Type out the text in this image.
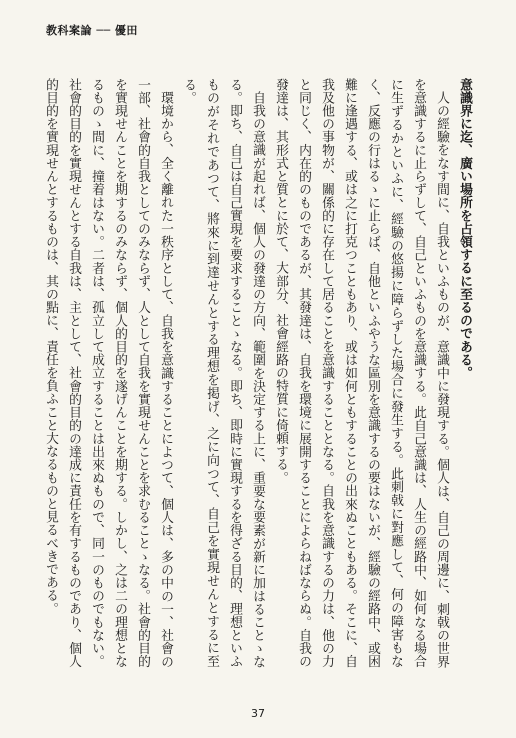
教科案論 ── 優田

意識界に迄、廣い場所を占領するに至るのである。

人の經驗をなす間に、自我といふものが、意識中に發現する。個人は、自己の周邊に、刺戟の世界を意識するに止らずして、自己といふものを意識する。此自己意識は、人生の經路中、如何なる場合に生ずるかといふに、經驗の悠揚に障らずした場合に發生する。此刺戟に對應して、何の障害もなく、反應の行はるゝに止らば、自他といふやうな區別を意識するの要はないが、經驗の經路中、或困難に逢遇する、或は之に打克つこともあり、或は如何ともすることの出來ぬこともある。そこに、自我及他の事物が、關係的に存在して居ることを意識することとなる。自我を意識するの力は、他の力と同じく、内在的のものであるが、其發達は、自我を環境に展開することによらねばならぬ。自我の發達は、其形式と質とに於て、大部分、社會經路の特質に倚頼する。

自我の意識が起れば、個人の發達の方向、範圍を決定する上に、重要な要素が新に加はることゝなる。即ち、自己は自己實現を要求することゝなる。即ち、即時に實現するを得ざる目的、理想といふものがそれであつて、將來に到達せんとする理想を掲げ、之に向つて、自己を實現せんとするに至る。

環境から、全く離れた一秩序として、自我を意識することによつて、個人は、多の中の一、社會の一部、社會的自我としてのみならず、人として自我を實現せんことを求むることゝなる。社會的目的を實現せんことを期するのみならず、個人的目的を遂げんことを期する。しかし、之は二の理想となるものゝ間に、撞着はない。二者は、孤立して成立することは出來ぬもので、同一のものでもない。社會的目的を實現せんとする自我は、主として、社會的目的の達成に責任を有するものであり、個人的目的を實現せんとするものは、其の點に、責任を負ふこと大なるものと見るべきである。

37
